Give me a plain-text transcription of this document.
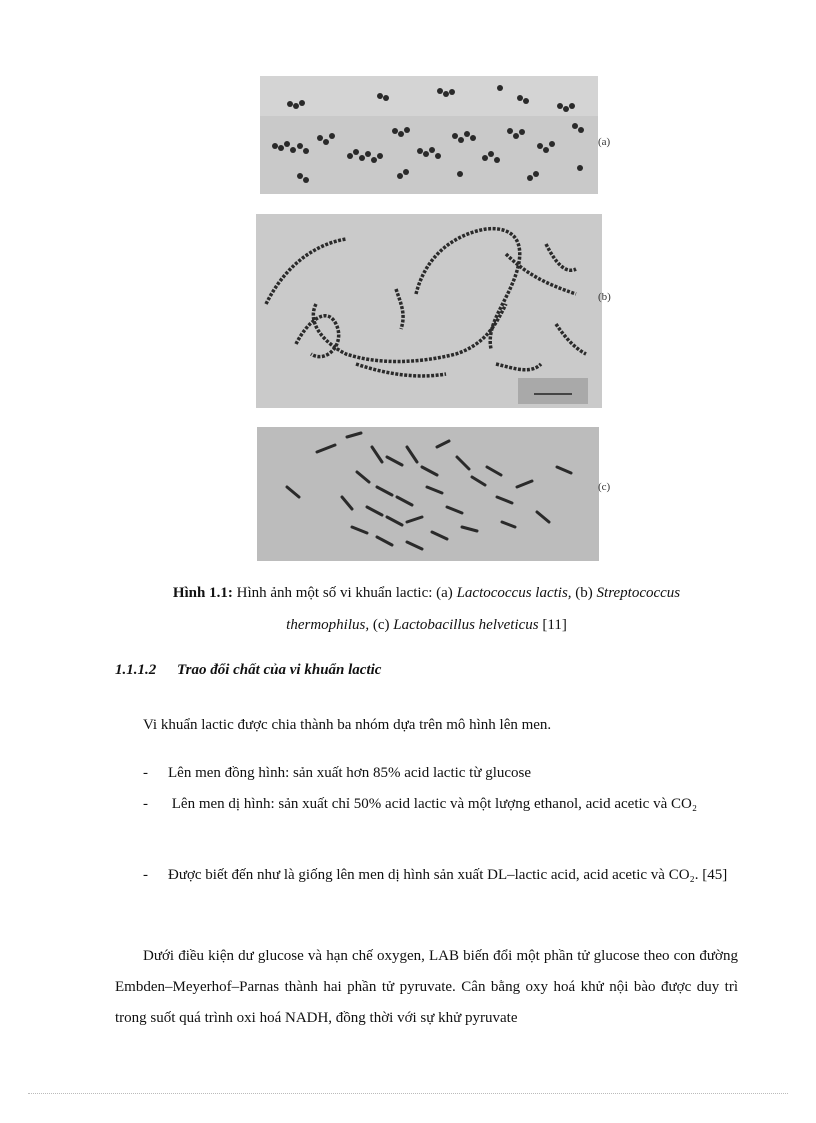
(a)
(b)
(c)
Hình 1.1: Hình ảnh một số vi khuẩn lactic: (a) Lactococcus lactis, (b) Streptococcus
thermophilus, (c) Lactobacillus helveticus [11]
1.1.1.2 Trao đổi chất của vi khuẩn lactic

Vi khuẩn lactic được chia thành ba nhóm dựa trên mô hình lên men.

- Lên men đồng hình: sản xuất hơn 85% acid lactic từ glucose

- Lên men dị hình: sản xuất chỉ 50% acid lactic và một lượng ethanol, acid acetic và CO₂

- Được biết đến như là giống lên men dị hình sản xuất DL–lactic acid, acid acetic và CO₂. [45]

Dưới điều kiện dư glucose và hạn chế oxygen, LAB biến đổi một phần tử glucose theo con đường Embden–Meyerhof–Parnas thành hai phần tử pyruvate. Cân bằng oxy hoá khử nội bào được duy trì trong suốt quá trình oxi hoá NADH, đồng thời với sự khử pyruvate
